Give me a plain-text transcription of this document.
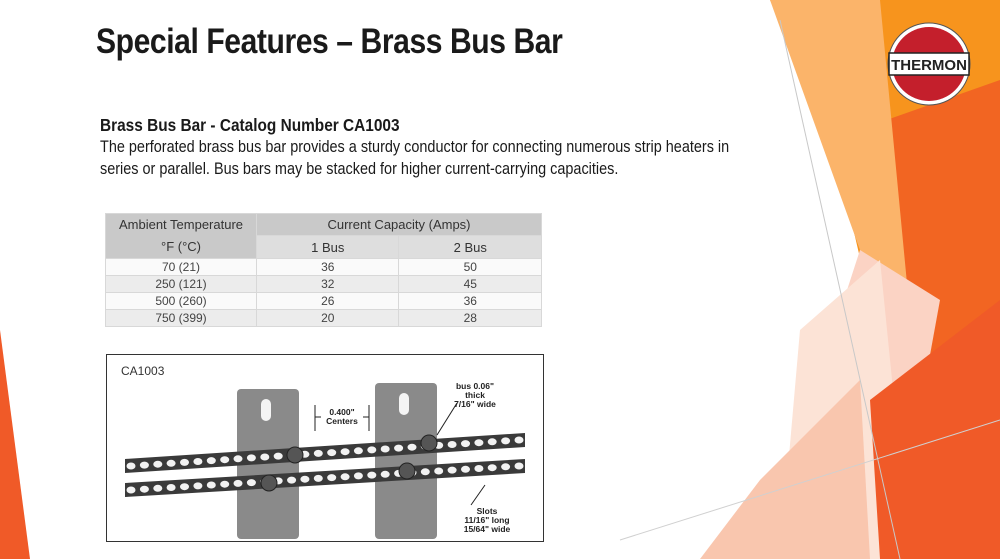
Special Features – Brass Bus Bar
THERMON
Brass Bus Bar - Catalog Number CA1003
The perforated brass bus bar provides a sturdy conductor for connecting numerous strip heaters in series or parallel. Bus bars may be stacked for higher current-carrying capacities.
Ambient Temperature	Current Capacity (Amps)	
°F (°C)	1 Bus	2 Bus
70 (21)	36	50
250 (121)	32	45
500 (260)	26	36
750 (399)	20	28
CA1003
0.400"
Centers
bus 0.06"
thick
7/16" wide
Slots
11/16" long
15/64" wide
